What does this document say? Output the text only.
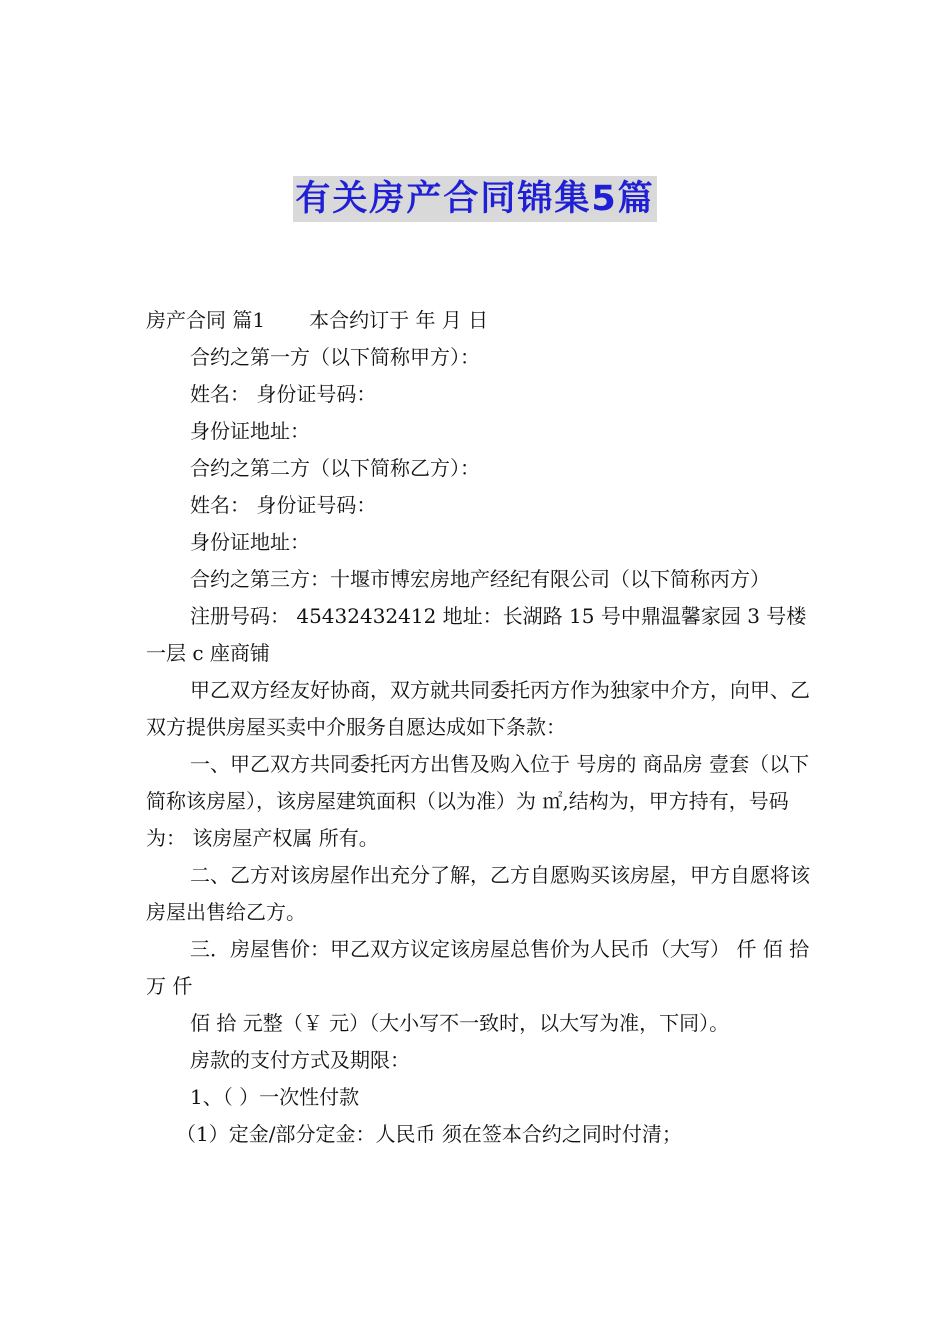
有关房产合同锦集5篇

房产合同 篇1 本合约订于 年 月 日

合约之第一方（以下简称甲方）：

姓名： 身份证号码：

身份证地址：

合约之第二方（以下简称乙方）：

姓名： 身份证号码：

身份证地址：

合约之第三方：十堰市博宏房地产经纪有限公司（以下简称丙方）

注册号码： 45432432412 地址：长湖路 15 号中鼎温馨家园 3 号楼一层 c 座商铺

甲乙双方经友好协商，双方就共同委托丙方作为独家中介方，向甲、乙双方提供房屋买卖中介服务自愿达成如下条款：

一、甲乙双方共同委托丙方出售及购入位于 号房的 商品房 壹套（以下简称该房屋），该房屋建筑面积（以为准）为 ㎡,结构为，甲方持有，号码为： 该房屋产权属 所有。

二、乙方对该房屋作出充分了解，乙方自愿购买该房屋，甲方自愿将该房屋出售给乙方。

三．房屋售价：甲乙双方议定该房屋总售价为人民币（大写） 仟 佰 拾 万 仟

佰 拾 元整（￥ 元）（大小写不一致时，以大写为准，下同）。

房款的支付方式及期限：

1、（ ）一次性付款

（1）定金/部分定金：人民币 须在签本合约之同时付清；
